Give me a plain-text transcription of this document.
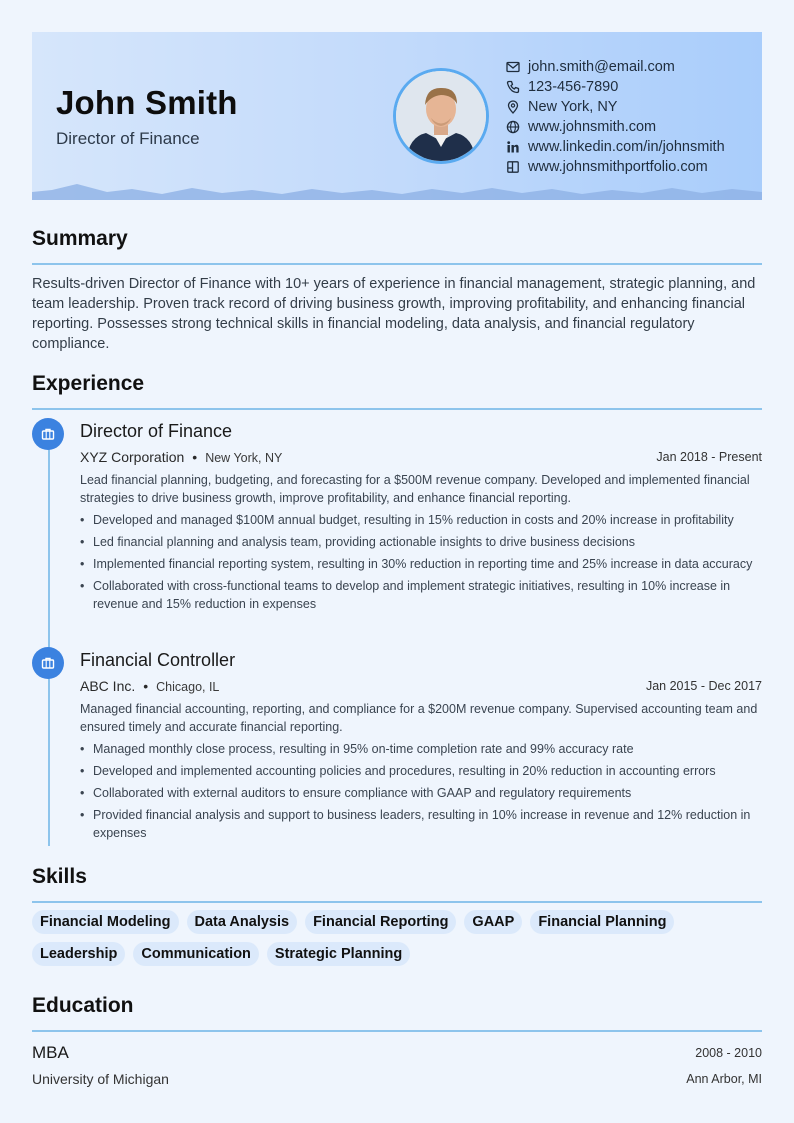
John Smith
Director of Finance
john.smith@email.com
123-456-7890
New York, NY
www.johnsmith.com
www.linkedin.com/in/johnsmith
www.johnsmithportfolio.com
Summary
Results-driven Director of Finance with 10+ years of experience in financial management, strategic planning, and team leadership. Proven track record of driving business growth, improving profitability, and enhancing financial reporting. Possesses strong technical skills in financial modeling, data analysis, and financial regulatory compliance.
Experience
Director of Finance
XYZ Corporation • New York, NY	Jan 2018 - Present
Lead financial planning, budgeting, and forecasting for a $500M revenue company. Developed and implemented financial strategies to drive business growth, improve profitability, and enhance financial reporting.
• Developed and managed $100M annual budget, resulting in 15% reduction in costs and 20% increase in profitability
• Led financial planning and analysis team, providing actionable insights to drive business decisions
• Implemented financial reporting system, resulting in 30% reduction in reporting time and 25% increase in data accuracy
• Collaborated with cross-functional teams to develop and implement strategic initiatives, resulting in 10% increase in revenue and 15% reduction in expenses
Financial Controller
ABC Inc. • Chicago, IL	Jan 2015 - Dec 2017
Managed financial accounting, reporting, and compliance for a $200M revenue company. Supervised accounting team and ensured timely and accurate financial reporting.
• Managed monthly close process, resulting in 95% on-time completion rate and 99% accuracy rate
• Developed and implemented accounting policies and procedures, resulting in 20% reduction in accounting errors
• Collaborated with external auditors to ensure compliance with GAAP and regulatory requirements
• Provided financial analysis and support to business leaders, resulting in 10% increase in revenue and 12% reduction in expenses
Skills
Financial Modeling	Data Analysis	Financial Reporting	GAAP	Financial Planning
Leadership	Communication	Strategic Planning
Education
MBA	2008 - 2010
University of Michigan	Ann Arbor, MI
